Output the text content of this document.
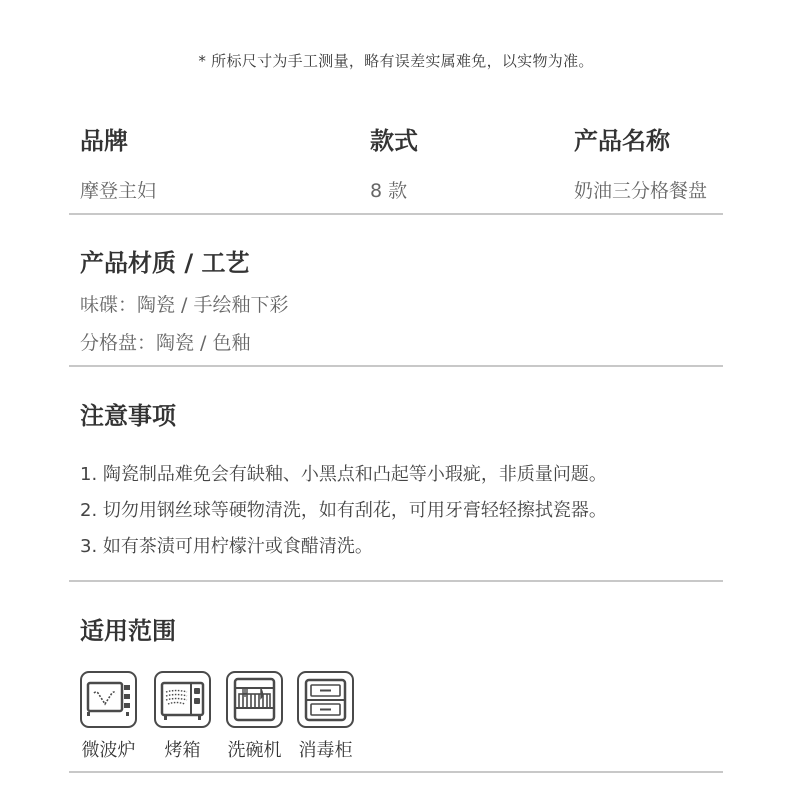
* 所标尺寸为手工测量，略有误差实属难免，以实物为准。
品牌	款式	产品名称
摩登主妇	8 款	奶油三分格餐盘
产品材质 / 工艺
味碟：陶瓷 / 手绘釉下彩
分格盘：陶瓷 / 色釉
注意事项
1. 陶瓷制品难免会有缺釉、小黑点和凸起等小瑕疵，非质量问题。
2. 切勿用钢丝球等硬物清洗，如有刮花，可用牙膏轻轻擦拭瓷器。
3. 如有茶渍可用柠檬汁或食醋清洗。
适用范围
微波炉	烤箱	洗碗机 消毒柜
